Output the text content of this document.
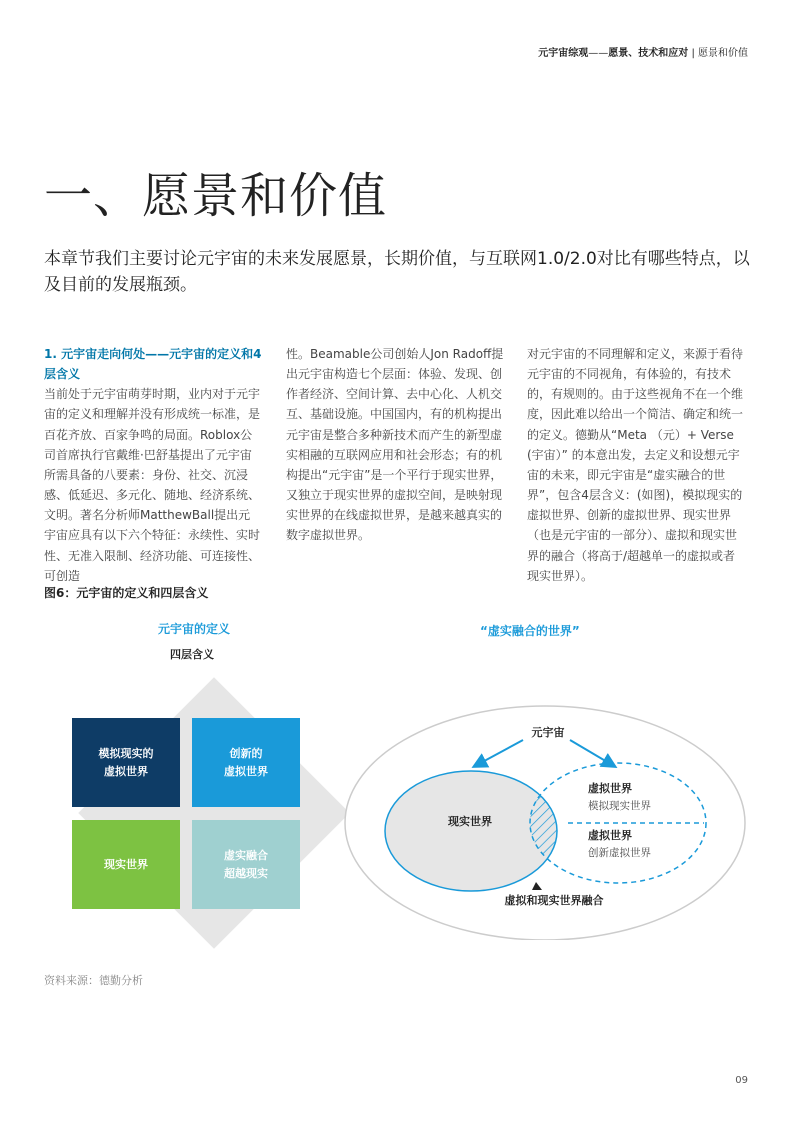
元宇宙综观——愿景、技术和应对 | 愿景和价值
一、愿景和价值

本章节我们主要讨论元宇宙的未来发展愿景，长期价值，与互联网1.0/2.0对比有哪些特点，以及目前的发展瓶颈。

1. 元宇宙走向何处——元宇宙的定义和4层含义
当前处于元宇宙萌芽时期，业内对于元宇宙的定义和理解并没有形成统一标准，是百花齐放、百家争鸣的局面。Roblox公司首席执行官戴维·巴舒基提出了元宇宙所需具备的八要素：身份、社交、沉浸感、低延迟、多元化、随地、经济系统、文明。著名分析师MatthewBall提出元宇宙应具有以下六个特征：永续性、实时性、无准入限制、经济功能、可连接性、可创造

性。Beamable公司创始人Jon Radoff提出元宇宙构造七个层面：体验、发现、创作者经济、空间计算、去中心化、人机交互、基础设施。中国国内，有的机构提出元宇宙是整合多种新技术而产生的新型虚实相融的互联网应用和社会形态；有的机构提出“元宇宙”是一个平行于现实世界，又独立于现实世界的虚拟空间，是映射现实世界的在线虚拟世界，是越来越真实的数字虚拟世界。

对元宇宙的不同理解和定义，来源于看待元宇宙的不同视角，有体验的，有技术的，有规则的。由于这些视角不在一个维度，因此难以给出一个简洁、确定和统一的定义。德勤从“Meta （元）+ Verse (宇宙）” 的本意出发，去定义和设想元宇宙的未来，即元宇宙是“虚实融合的世界”，包含4层含义：(如图)，模拟现实的虚拟世界、创新的虚拟世界、现实世界（也是元宇宙的一部分）、虚拟和现实世界的融合（将高于/超越单一的虚拟或者现实世界）。

图6：元宇宙的定义和四层含义
元宇宙的定义
四层含义
“虚实融合的世界”
模拟现实的
虚拟世界
创新的
虚拟世界
现实世界
虚实融合
超越现实
元宇宙
现实世界
虚拟世界
模拟现实世界
虚拟世界
创新虚拟世界
虚拟和现实世界融合
资料来源：德勤分析
09
